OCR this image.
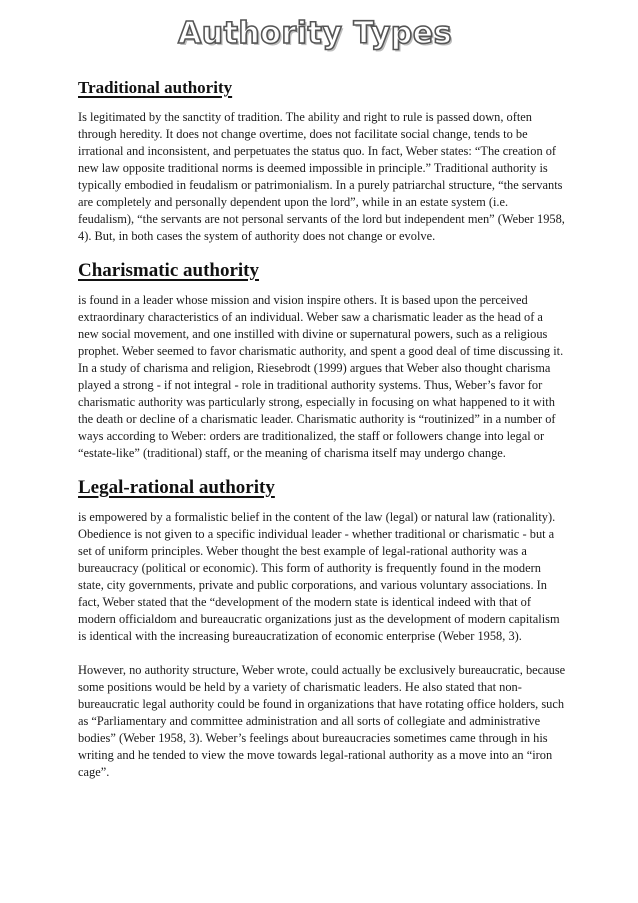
Authority Types
Traditional authority

Is legitimated by the sanctity of tradition. The ability and right to rule is passed down, often through heredity. It does not change overtime, does not facilitate social change, tends to be irrational and inconsistent, and perpetuates the status quo. In fact, Weber states: “The creation of new law opposite traditional norms is deemed impossible in principle.” Traditional authority is typically embodied in feudalism or patrimonialism. In a purely patriarchal structure, “the servants are completely and personally dependent upon the lord”, while in an estate system (i.e. feudalism), “the servants are not personal servants of the lord but independent men” (Weber 1958, 4). But, in both cases the system of authority does not change or evolve.

Charismatic authority

is found in a leader whose mission and vision inspire others. It is based upon the perceived extraordinary characteristics of an individual. Weber saw a charismatic leader as the head of a new social movement, and one instilled with divine or supernatural powers, such as a religious prophet. Weber seemed to favor charismatic authority, and spent a good deal of time discussing it. In a study of charisma and religion, Riesebrodt (1999) argues that Weber also thought charisma played a strong - if not integral - role in traditional authority systems. Thus, Weber’s favor for charismatic authority was particularly strong, especially in focusing on what happened to it with the death or decline of a charismatic leader. Charismatic authority is “routinized” in a number of ways according to Weber: orders are traditionalized, the staff or followers change into legal or “estate-like” (traditional) staff, or the meaning of charisma itself may undergo change.

Legal-rational authority

is empowered by a formalistic belief in the content of the law (legal) or natural law (rationality). Obedience is not given to a specific individual leader - whether traditional or charismatic - but a set of uniform principles. Weber thought the best example of legal-rational authority was a bureaucracy (political or economic). This form of authority is frequently found in the modern state, city governments, private and public corporations, and various voluntary associations. In fact, Weber stated that the “development of the modern state is identical indeed with that of modern officialdom and bureaucratic organizations just as the development of modern capitalism is identical with the increasing bureaucratization of economic enterprise (Weber 1958, 3).

However, no authority structure, Weber wrote, could actually be exclusively bureaucratic, because some positions would be held by a variety of charismatic leaders. He also stated that non-bureaucratic legal authority could be found in organizations that have rotating office holders, such as “Parliamentary and committee administration and all sorts of collegiate and administrative bodies” (Weber 1958, 3). Weber’s feelings about bureaucracies sometimes came through in his writing and he tended to view the move towards legal-rational authority as a move into an “iron cage”.
